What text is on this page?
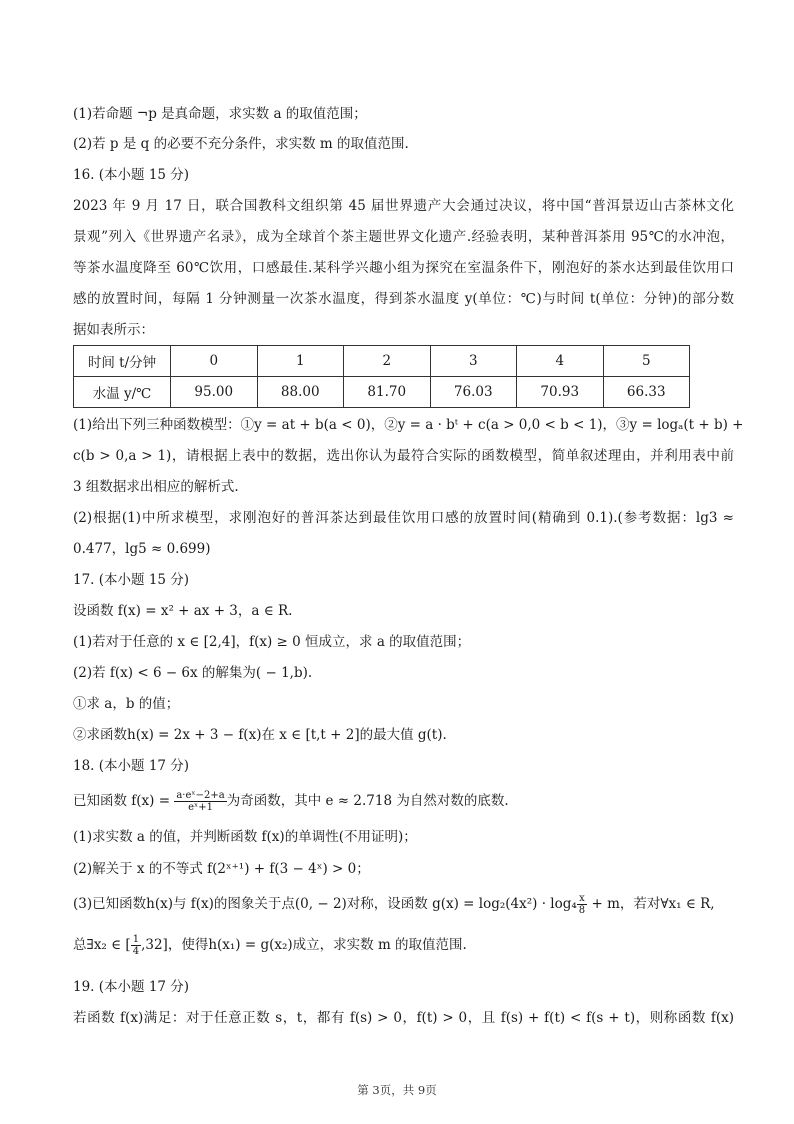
(1)若命题 ¬p 是真命题，求实数 a 的取值范围；
(2)若 p 是 q 的必要不充分条件，求实数 m 的取值范围.
16. (本小题 15 分)
2023 年 9 月 17 日，联合国教科文组织第 45 届世界遗产大会通过决议，将中国“普洱景迈山古茶林文化
景观”列入《世界遗产名录》，成为全球首个茶主题世界文化遗产.经验表明，某种普洱茶用 95℃的水冲泡，
等茶水温度降至 60℃饮用，口感最佳.某科学兴趣小组为探究在室温条件下，刚泡好的茶水达到最佳饮用口
感的放置时间，每隔 1 分钟测量一次茶水温度，得到茶水温度 y(单位：℃)与时间 t(单位：分钟)的部分数
据如表所示：
时间 t/分钟	0	1	2	3	4	5
水温 y/℃	95.00	88.00	81.70	76.03	70.93	66.33
(1)给出下列三种函数模型：①y = at + b(a < 0)，②y = a · bᵗ + c(a > 0,0 < b < 1)，③y = logₐ(t + b) +
c(b > 0,a > 1)，请根据上表中的数据，选出你认为最符合实际的函数模型，简单叙述理由，并利用表中前
3 组数据求出相应的解析式.
(2)根据(1)中所求模型，求刚泡好的普洱茶达到最佳饮用口感的放置时间(精确到 0.1).(参考数据：lg3 ≈
0.477，lg5 ≈ 0.699)
17. (本小题 15 分)
设函数 f(x) = x² + ax + 3，a ∈ R.
(1)若对于任意的 x ∈ [2,4]，f(x) ≥ 0 恒成立，求 a 的取值范围；
(2)若 f(x) < 6 − 6x 的解集为( − 1,b).
①求 a，b 的值；
②求函数h(x) = 2x + 3 − f(x)在 x ∈ [t,t + 2]的最大值 g(t).
18. (本小题 17 分)
已知函数 $f(x) = \frac{\text{a·eˣ−2+a}}{\text{eˣ+1}}$ 为奇函数，其中 e ≈ 2.718 为自然对数的底数.
(1)求实数 a 的值，并判断函数 f(x)的单调性(不用证明)；
(2)解关于 x 的不等式 f(2ˣ⁺¹) + f(3 − 4ˣ) > 0；
(3)已知函数h(x)与 f(x)的图象关于点(0, − 2)对称，设函数 $g(x) = \log_2(4x^2) \cdot \log_4 \frac{x}{8} + m$，若对∀x₁ ∈ R,
总∃x₂ ∈ [ $\frac{1}{4} ,32$]，使得h(x₁) = g(x₂)成立，求实数 m 的取值范围.
19. (本小题 17 分)
若函数 f(x)满足：对于任意正数 s，t，都有 f(s) > 0，f(t) > 0，且 f(s) + f(t) < f(s + t)，则称函数 f(x)
第 3页，共 9页
